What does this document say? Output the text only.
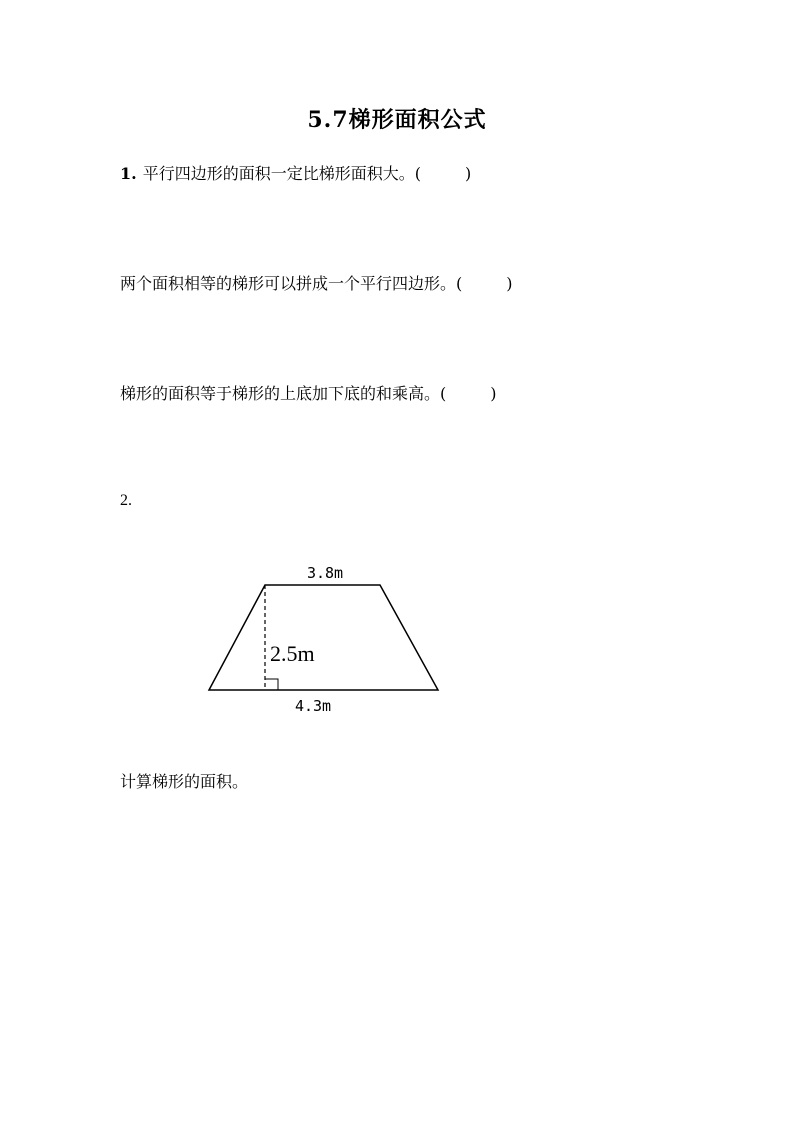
5.7梯形面积公式

1. 平行四边形的面积一定比梯形面积大。(	)

两个面积相等的梯形可以拼成一个平行四边形。(	)

梯形的面积等于梯形的上底加下底的和乘高。(	)

2.

3.8m
2.5m
4.3m

计算梯形的面积。
